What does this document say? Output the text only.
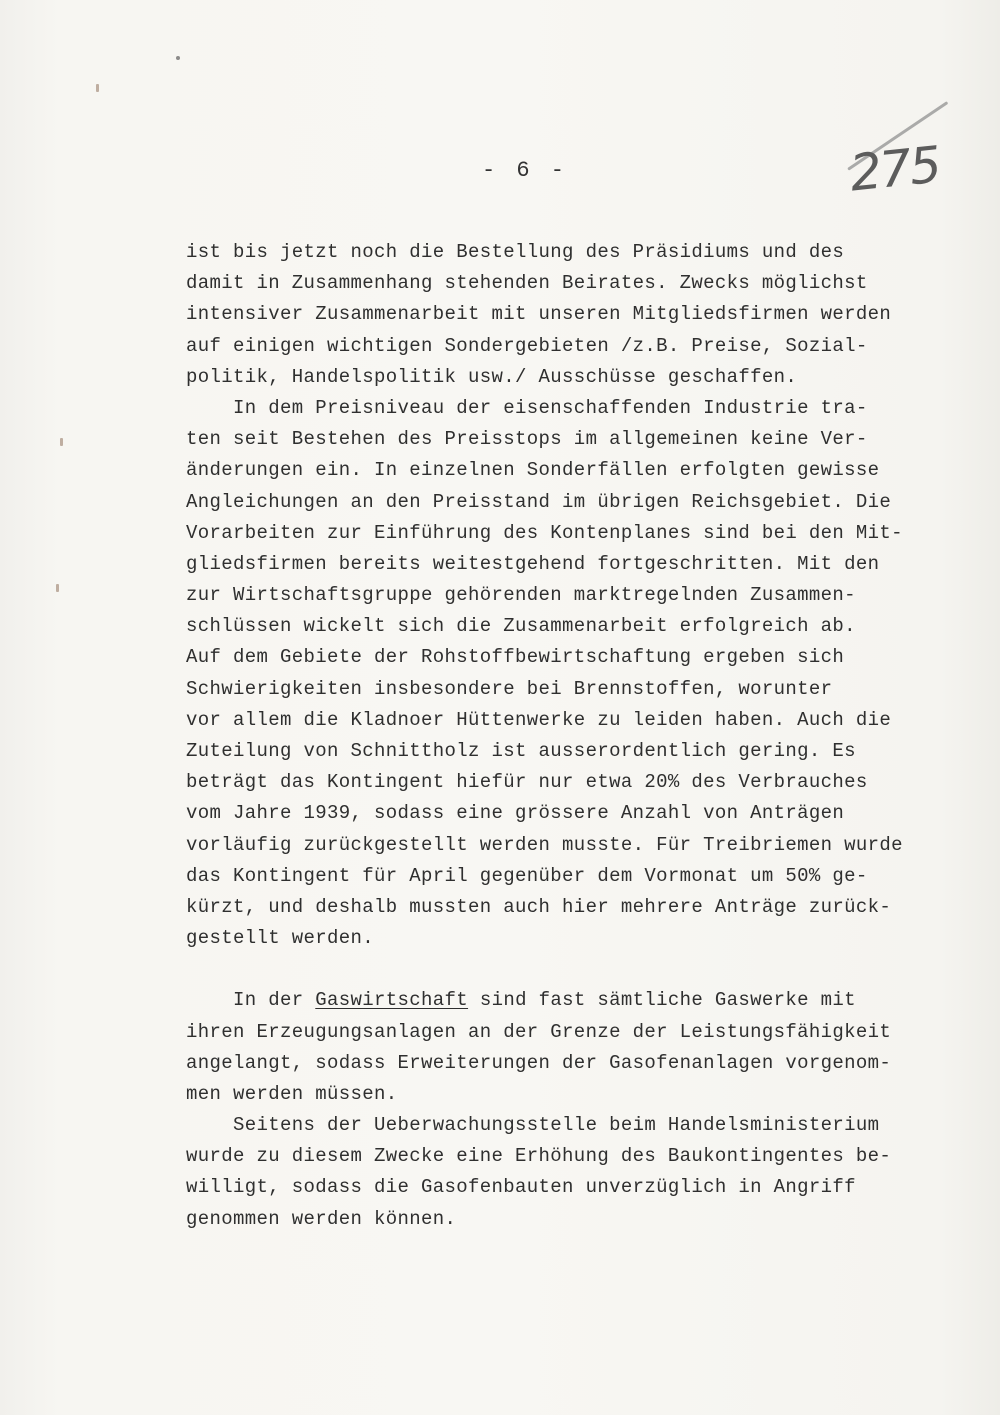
- 6 -	275
ist bis jetzt noch die Bestellung des Präsidiums und des
damit in Zusammenhang stehenden Beirates. Zwecks möglichst
intensiver Zusammenarbeit mit unseren Mitgliedsfirmen werden
auf einigen wichtigen Sondergebieten /z.B. Preise, Sozial-
politik, Handelspolitik usw./ Ausschüsse geschaffen.
In dem Preisniveau der eisenschaffenden Industrie tra-
ten seit Bestehen des Preisstops im allgemeinen keine Ver-
änderungen ein. In einzelnen Sonderfällen erfolgten gewisse
Angleichungen an den Preisstand im übrigen Reichsgebiet. Die
Vorarbeiten zur Einführung des Kontenplanes sind bei den Mit-
gliedsfirmen bereits weitestgehend fortgeschritten. Mit den
zur Wirtschaftsgruppe gehörenden marktregelnden Zusammen-
schlüssen wickelt sich die Zusammenarbeit erfolgreich ab.
Auf dem Gebiete der Rohstoffbewirtschaftung ergeben sich
Schwierigkeiten insbesondere bei Brennstoffen, worunter
vor allem die Kladnoer Hüttenwerke zu leiden haben. Auch die
Zuteilung von Schnittholz ist ausserordentlich gering. Es
beträgt das Kontingent hiefür nur etwa 20% des Verbrauches
vom Jahre 1939, sodass eine grössere Anzahl von Anträgen
vorläufig zurückgestellt werden musste. Für Treibriemen wurde
das Kontingent für April gegenüber dem Vormonat um 50% ge-
kürzt, und deshalb mussten auch hier mehrere Anträge zurück-
gestellt werden.
In der Gaswirtschaft sind fast sämtliche Gaswerke mit
ihren Erzeugungsanlagen an der Grenze der Leistungsfähigkeit
angelangt, sodass Erweiterungen der Gasofenanlagen vorgenom-
men werden müssen.
Seitens der Ueberwachungsstelle beim Handelsministerium
wurde zu diesem Zwecke eine Erhöhung des Baukontingentes be-
willigt, sodass die Gasofenbauten unverzüglich in Angriff
genommen werden können.
